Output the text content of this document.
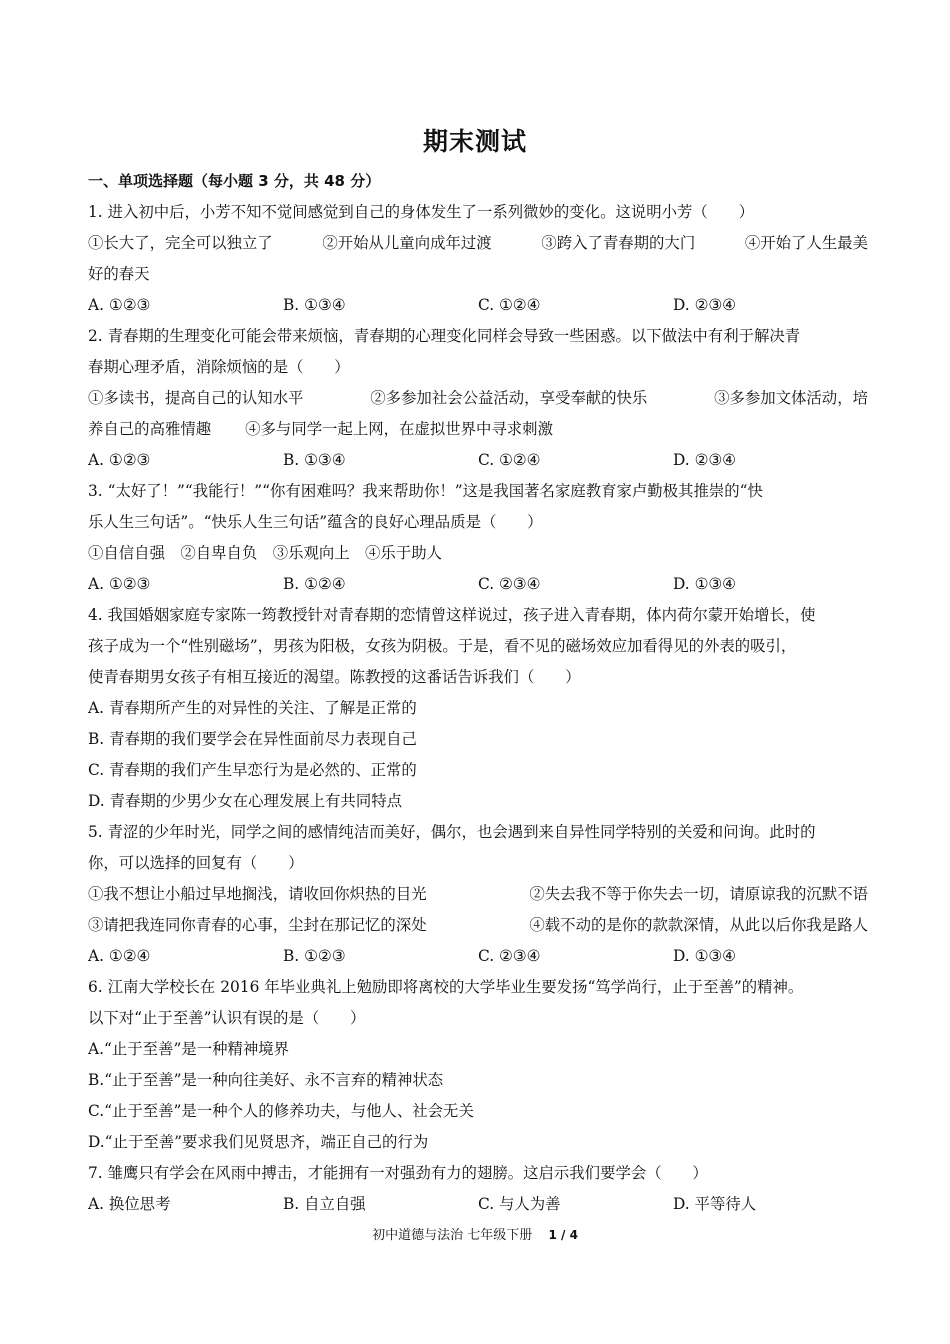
期末测试
一、单项选择题（每小题 3 分，共 48 分）
1. 进入初中后，小芳不知不觉间感觉到自己的身体发生了一系列微妙的变化。这说明小芳（　　）
①长大了，完全可以独立了	②开始从儿童向成年过渡	③跨入了青春期的大门	④开始了人生最美
好的春天
A. ①②③	B. ①③④	C. ①②④	D. ②③④
2. 青春期的生理变化可能会带来烦恼，青春期的心理变化同样会导致一些困惑。以下做法中有利于解决青
春期心理矛盾，消除烦恼的是（　　）
①多读书，提高自己的认知水平	②多参加社会公益活动，享受奉献的快乐	③多参加文体活动，培
养自己的高雅情趣 ④多与同学一起上网，在虚拟世界中寻求刺激
A. ①②③	B. ①③④	C. ①②④	D. ②③④
3. “太好了！”“我能行！”“你有困难吗？我来帮助你！”这是我国著名家庭教育家卢勤极其推崇的“快
乐人生三句话”。“快乐人生三句话”蕴含的良好心理品质是（　　）
①自信自强　②自卑自负　③乐观向上　④乐于助人
A. ①②③	B. ①②④	C. ②③④	D. ①③④
4. 我国婚姻家庭专家陈一筠教授针对青春期的恋情曾这样说过，孩子进入青春期，体内荷尔蒙开始增长，使
孩子成为一个“性别磁场”，男孩为阳极，女孩为阴极。于是，看不见的磁场效应加看得见的外表的吸引，
使青春期男女孩子有相互接近的渴望。陈教授的这番话告诉我们（　　）
A. 青春期所产生的对异性的关注、了解是正常的
B. 青春期的我们要学会在异性面前尽力表现自己
C. 青春期的我们产生早恋行为是必然的、正常的
D. 青春期的少男少女在心理发展上有共同特点
5. 青涩的少年时光，同学之间的感情纯洁而美好，偶尔，也会遇到来自异性同学特别的关爱和问询。此时的
你，可以选择的回复有（　　）
①我不想让小船过早地搁浅，请收回你炽热的目光	②失去我不等于你失去一切，请原谅我的沉默不语
③请把我连同你青春的心事，尘封在那记忆的深处	④载不动的是你的款款深情，从此以后你我是路人
A. ①②④	B. ①②③	C. ②③④	D. ①③④
6. 江南大学校长在 2016 年毕业典礼上勉励即将离校的大学毕业生要发扬“笃学尚行，止于至善”的精神。
以下对“止于至善”认识有误的是（　　）
A.“止于至善”是一种精神境界
B.“止于至善”是一种向往美好、永不言弃的精神状态
C.“止于至善”是一种个人的修养功夫，与他人、社会无关
D.“止于至善”要求我们见贤思齐，端正自己的行为
7. 雏鹰只有学会在风雨中搏击，才能拥有一对强劲有力的翅膀。这启示我们要学会（　　）
A. 换位思考	B. 自立自强	C. 与人为善	D. 平等待人
初中道德与法治 七年级下册 1 / 4
